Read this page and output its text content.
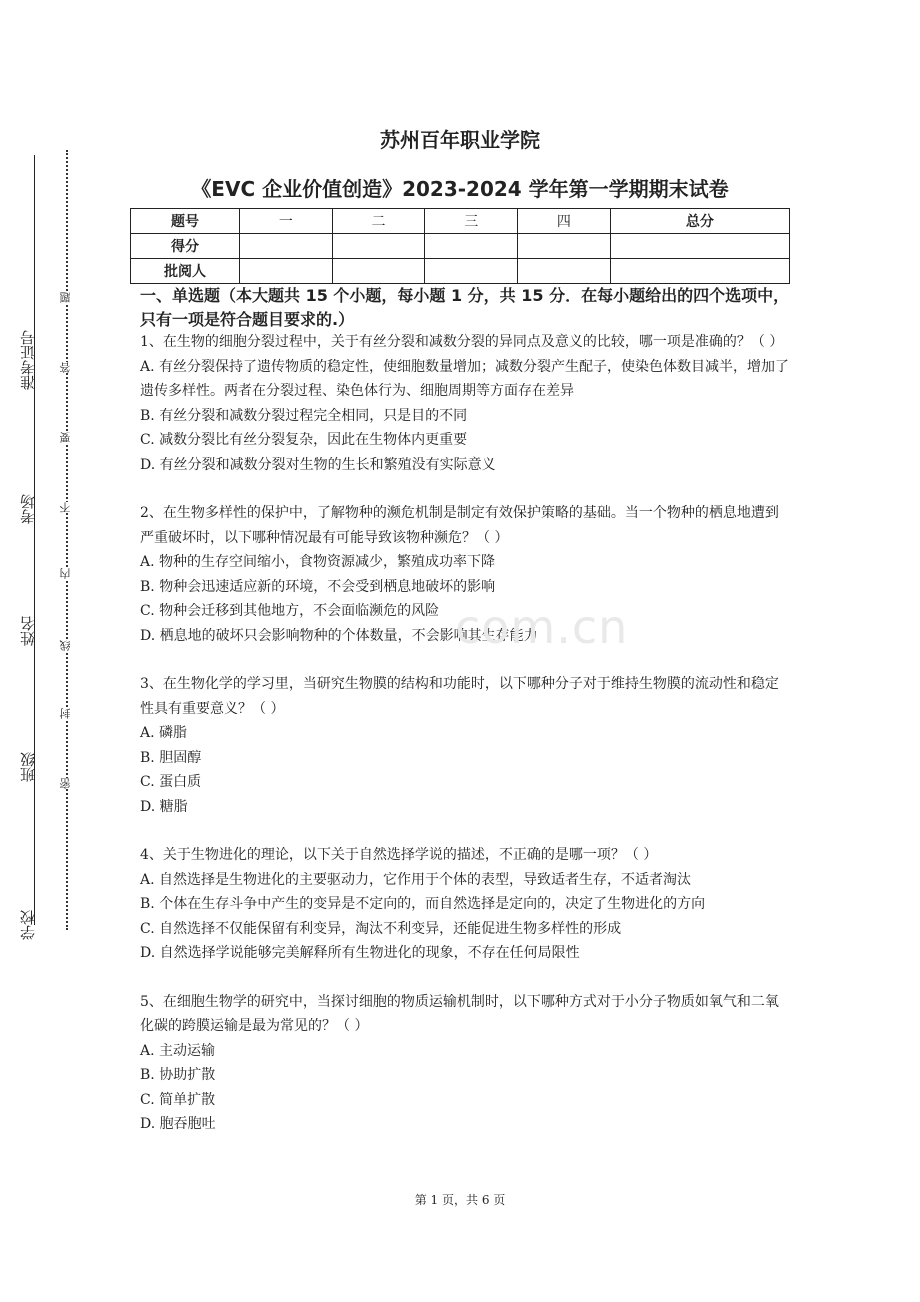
准考证号
考场
姓名
班级
学校
题
答
要
不
内
线
封
密
苏州百年职业学院
《EVC 企业价值创造》2023-2024 学年第一学期期末试卷
题号	一	二	三	四	总分
得分					
批阅人					
一、单选题（本大题共 15 个小题，每小题 1 分，共 15 分．在每小题给出的四个选项中，只有一项是符合题目要求的.）
1、在生物的细胞分裂过程中，关于有丝分裂和减数分裂的异同点及意义的比较，哪一项是准确的？（ ）
A. 有丝分裂保持了遗传物质的稳定性，使细胞数量增加；减数分裂产生配子，使染色体数目减半，增加了遗传多样性。两者在分裂过程、染色体行为、细胞周期等方面存在差异
B. 有丝分裂和减数分裂过程完全相同，只是目的不同
C. 减数分裂比有丝分裂复杂，因此在生物体内更重要
D. 有丝分裂和减数分裂对生物的生长和繁殖没有实际意义
2、在生物多样性的保护中，了解物种的濒危机制是制定有效保护策略的基础。当一个物种的栖息地遭到严重破坏时，以下哪种情况最有可能导致该物种濒危？（ ）
A. 物种的生存空间缩小，食物资源减少，繁殖成功率下降
B. 物种会迅速适应新的环境，不会受到栖息地破坏的影响
C. 物种会迁移到其他地方，不会面临濒危的风险
D. 栖息地的破坏只会影响物种的个体数量，不会影响其生存能力
3、在生物化学的学习里，当研究生物膜的结构和功能时，以下哪种分子对于维持生物膜的流动性和稳定性具有重要意义？（ ）
A. 磷脂
B. 胆固醇
C. 蛋白质
D. 糖脂
4、关于生物进化的理论，以下关于自然选择学说的描述，不正确的是哪一项？（ ）
A. 自然选择是生物进化的主要驱动力，它作用于个体的表型，导致适者生存，不适者淘汰
B. 个体在生存斗争中产生的变异是不定向的，而自然选择是定向的，决定了生物进化的方向
C. 自然选择不仅能保留有利变异，淘汰不利变异，还能促进生物多样性的形成
D. 自然选择学说能够完美解释所有生物进化的现象，不存在任何局限性
5、在细胞生物学的研究中，当探讨细胞的物质运输机制时，以下哪种方式对于小分子物质如氧气和二氧化碳的跨膜运输是最为常见的？（ ）
A. 主动运输
B. 协助扩散
C. 简单扩散
D. 胞吞胞吐
com.cn
第 1 页，共 6 页
